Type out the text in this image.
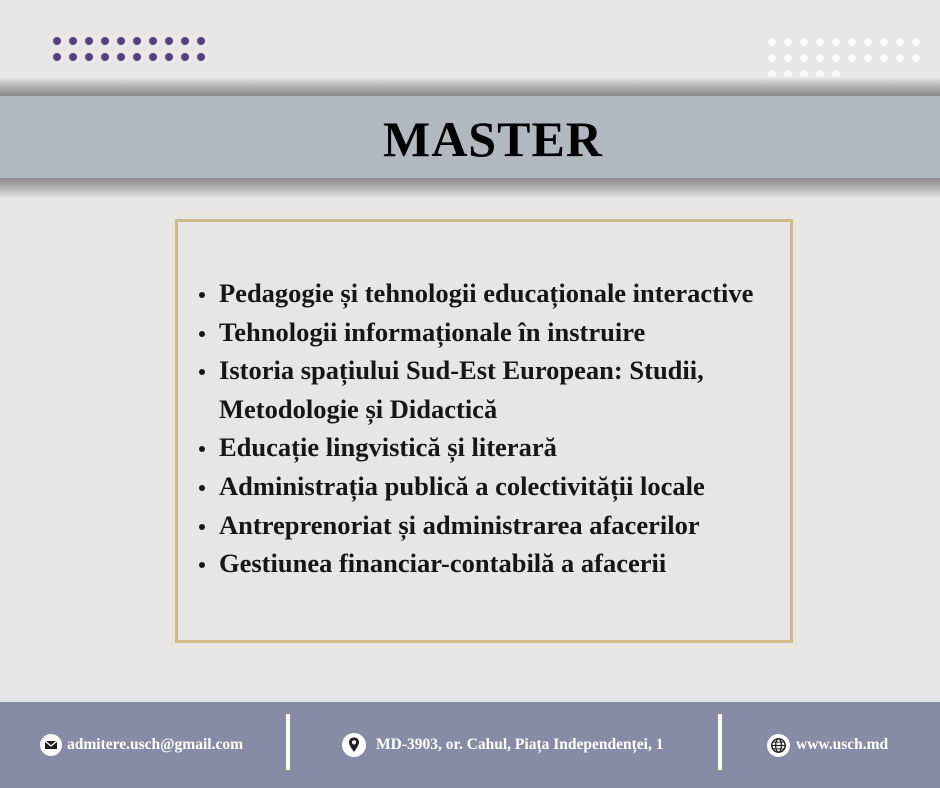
MASTER
Pedagogie și tehnologii educaționale interactive
Tehnologii informaționale în instruire
Istoria spațiului Sud-Est European: Studii, Metodologie și Didactică
Educație lingvistică și literară
Administrația publică a colectivității locale
Antreprenoriat și administrarea afacerilor
Gestiunea financiar-contabilă a afacerii
admitere.usch@gmail.com	MD-3903, or. Cahul, Piața Independenței, 1	www.usch.md
